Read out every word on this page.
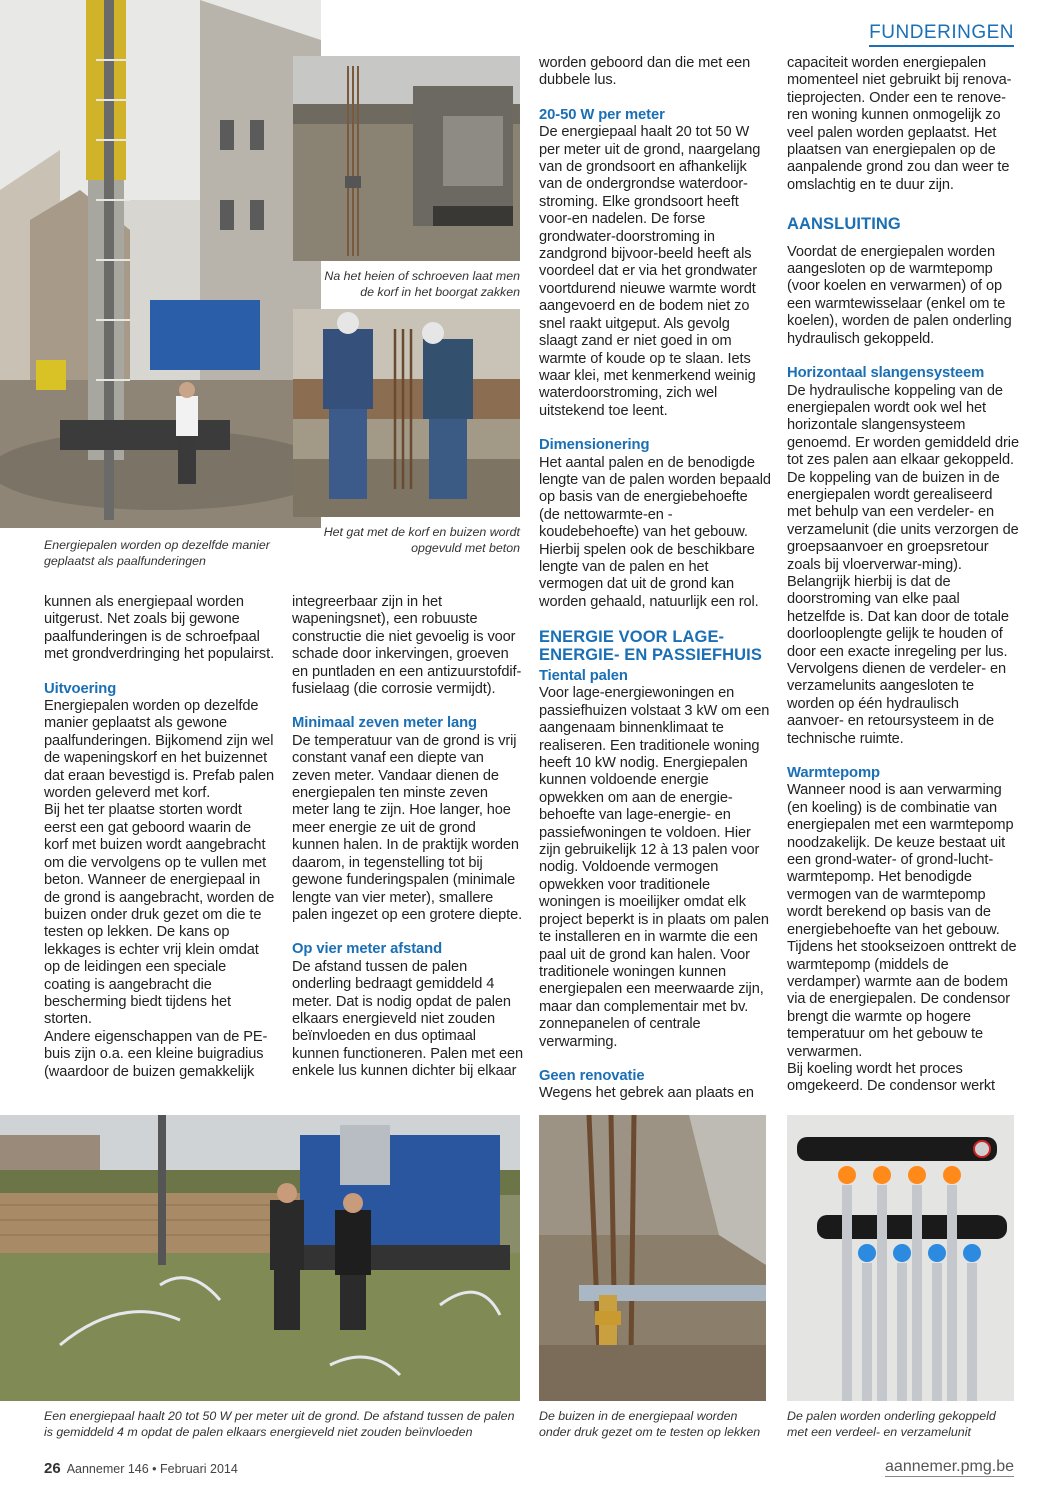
FUNDERINGEN
Na het heien of schroeven laat men de korf in het boorgat zakken
Het gat met de korf en buizen wordt opgevuld met beton
Energiepalen worden op dezelfde manier geplaatst als paalfunderingen

kunnen als energiepaal worden uitgerust. Net zoals bij gewone paalfunderingen is de schroefpaal met grondverdringing het populairst.

Uitvoering

Energiepalen worden op dezelfde manier geplaatst als gewone paalfunderingen. Bijkomend zijn wel de wapeningskorf en het buizennet dat eraan bevestigd is. Prefab palen worden geleverd met korf.

Bij het ter plaatse storten wordt eerst een gat geboord waarin de korf met buizen wordt aangebracht om die vervolgens op te vullen met beton. Wanneer de energiepaal in de grond is aangebracht, worden de buizen onder druk gezet om die te testen op lekken. De kans op lekkages is echter vrij klein omdat op de leidingen een speciale coating is aangebracht die bescherming biedt tijdens het storten.

Andere eigenschappen van de PE-buis zijn o.a. een kleine buigradius (waardoor de buizen gemakkelijk

integreerbaar zijn in het wapeningsnet), een robuuste constructie die niet gevoelig is voor schade door inkervingen, groeven en puntladen en een antizuurstofdif-fusielaag (die corrosie vermijdt).

Minimaal zeven meter lang

De temperatuur van de grond is vrij constant vanaf een diepte van zeven meter. Vandaar dienen de energiepalen ten minste zeven meter lang te zijn. Hoe langer, hoe meer energie ze uit de grond kunnen halen. In de praktijk worden daarom, in tegenstelling tot bij gewone funderingspalen (minimale lengte van vier meter), smallere palen ingezet op een grotere diepte.

Op vier meter afstand

De afstand tussen de palen onderling bedraagt gemiddeld 4 meter. Dat is nodig opdat de palen elkaars energieveld niet zouden beïnvloeden en dus optimaal kunnen functioneren. Palen met een enkele lus kunnen dichter bij elkaar

worden geboord dan die met een dubbele lus.

20-50 W per meter

De energiepaal haalt 20 tot 50 W per meter uit de grond, naargelang van de grondsoort en afhankelijk van de ondergrondse waterdoor-stroming. Elke grondsoort heeft voor-en nadelen. De forse grondwater-doorstroming in zandgrond bijvoor-beeld heeft als voordeel dat er via het grondwater voortdurend nieuwe warmte wordt aangevoerd en de bodem niet zo snel raakt uitgeput. Als gevolg slaagt zand er niet goed in om warmte of koude op te slaan. Iets waar klei, met kenmerkend weinig waterdoorstroming, zich wel uitstekend toe leent.

Dimensionering

Het aantal palen en de benodigde lengte van de palen worden bepaald op basis van de energiebehoefte (de nettowarmte-en -koudebehoefte) van het gebouw. Hierbij spelen ook de beschikbare lengte van de palen en het vermogen dat uit de grond kan worden gehaald, natuurlijk een rol.

ENERGIE VOOR LAGE-ENERGIE- EN PASSIEFHUIS
Tiental palen

Voor lage-energiewoningen en passiefhuizen volstaat 3 kW om een aangenaam binnenklimaat te realiseren. Een traditionele woning heeft 10 kW nodig. Energiepalen kunnen voldoende energie opwekken om aan de energie-behoefte van lage-energie- en passiefwoningen te voldoen. Hier zijn gebruikelijk 12 à 13 palen voor nodig. Voldoende vermogen opwekken voor traditionele woningen is moeilijker omdat elk project beperkt is in plaats om palen te installeren en in warmte die een paal uit de grond kan halen. Voor traditionele woningen kunnen energiepalen een meerwaarde zijn, maar dan complementair met bv. zonnepanelen of centrale verwarming.

Geen renovatie

Wegens het gebrek aan plaats en

capaciteit worden energiepalen momenteel niet gebruikt bij renova-tieprojecten. Onder een te renove-ren woning kunnen onmogelijk zo veel palen worden geplaatst. Het plaatsen van energiepalen op de aanpalende grond zou dan weer te omslachtig en te duur zijn.

AANSLUITING

Voordat de energiepalen worden aangesloten op de warmtepomp (voor koelen en verwarmen) of op een warmtewisselaar (enkel om te koelen), worden de palen onderling hydraulisch gekoppeld.

Horizontaal slangensysteem

De hydraulische koppeling van de energiepalen wordt ook wel het horizontale slangensysteem genoemd. Er worden gemiddeld drie tot zes palen aan elkaar gekoppeld. De koppeling van de buizen in de energiepalen wordt gerealiseerd met behulp van een verdeler- en verzamelunit (die units verzorgen de groepsaanvoer en groepsretour zoals bij vloerverwar-ming). Belangrijk hierbij is dat de doorstroming van elke paal hetzelfde is. Dat kan door de totale doorlooplengte gelijk te houden of door een exacte inregeling per lus. Vervolgens dienen de verdeler- en verzamelunits aangesloten te worden op één hydraulisch aanvoer- en retoursysteem in de technische ruimte.

Warmtepomp

Wanneer nood is aan verwarming (en koeling) is de combinatie van energiepalen met een warmtepomp noodzakelijk. De keuze bestaat uit een grond-water- of grond-lucht-warmtepomp. Het benodigde vermogen van de warmtepomp wordt berekend op basis van de energiebehoefte van het gebouw. Tijdens het stookseizoen onttrekt de warmtepomp (middels de verdamper) warmte aan de bodem via de energiepalen. De condensor brengt die warmte op hogere temperatuur om het gebouw te verwarmen.

Bij koeling wordt het proces omgekeerd. De condensor werkt

Een energiepaal haalt 20 tot 50 W per meter uit de grond. De afstand tussen de palen is gemiddeld 4 m opdat de palen elkaars energieveld niet zouden beïnvloeden
De buizen in de energiepaal worden onder druk gezet om te testen op lekken
De palen worden onderling gekoppeld met een verdeel- en verzamelunit
26 Aannemer 146 • Februari 2014	aannemer.pmg.be
